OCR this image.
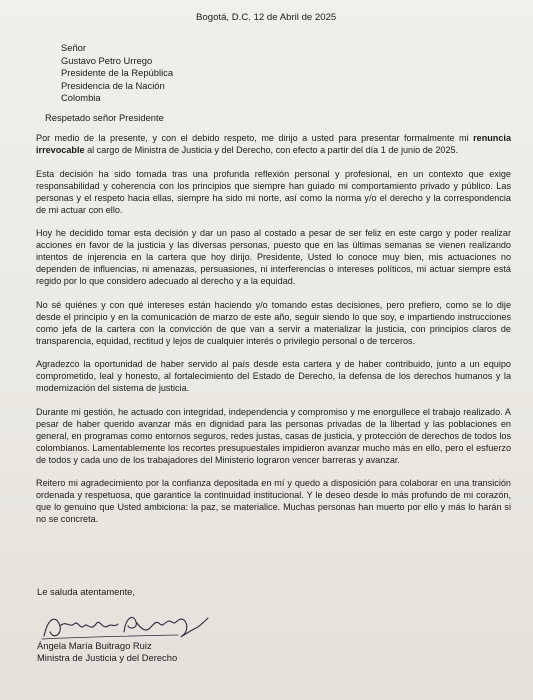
Bogotá, D.C. 12 de Abril de 2025
Señor
Gustavo Petro Urrego
Presidente de la República
Presidencia de la Nación
Colombia
Respetado señor Presidente

Por medio de la presente, y con el debido respeto, me dirijo a usted para presentar formalmente mi renuncia irrevocable al cargo de Ministra de Justicia y del Derecho, con efecto a partir del día 1 de junio de 2025.

Esta decisión ha sido tomada tras una profunda reflexión personal y profesional, en un contexto que exige responsabilidad y coherencia con los principios que siempre han guiado mi comportamiento privado y público. Las personas y el respeto hacia ellas, siempre ha sido mi norte, así como la norma y/o el derecho y la correspondencia de mi actuar con ello.

Hoy he decidido tomar esta decisión y dar un paso al costado a pesar de ser feliz en este cargo y poder realizar acciones en favor de la justicia y las diversas personas, puesto que en las últimas semanas se vienen realizando intentos de injerencia en la cartera que hoy dirijo. Presidente, Usted lo conoce muy bien, mis actuaciones no dependen de influencias, ni amenazas, persuasiones, ni interferencias o intereses políticos, mi actuar siempre está regido por lo que considero adecuado al derecho y a la equidad.

No sé quiénes y con qué intereses están haciendo y/o tomando estas decisiones, pero prefiero, como se lo dije desde el principio y en la comunicación de marzo de este año, seguir siendo lo que soy, e impartiendo instrucciones como jefa de la cartera con la convicción de que van a servir a materializar la justicia, con principios claros de transparencia, equidad, rectitud y lejos de cualquier interés o privilegio personal o de terceros.

Agradezco la oportunidad de haber servido al país desde esta cartera y de haber contribuido, junto a un equipo comprometido, leal y honesto, al fortalecimiento del Estado de Derecho, la defensa de los derechos humanos y la modernización del sistema de justicia.

Durante mi gestión, he actuado con integridad, independencia y compromiso y me enorgullece el trabajo realizado. A pesar de haber querido avanzar más en dignidad para las personas privadas de la libertad y las poblaciones en general, en programas como entornos seguros, redes justas, casas de justicia, y protección de derechos de todos los colombianos. Lamentablemente los recortes presupuestales impidieron avanzar mucho más en ello, pero el esfuerzo de todos y cada uno de los trabajadores del Ministerio lograron vencer barreras y avanzar.

Reitero mi agradecimiento por la confianza depositada en mí y quedo a disposición para colaborar en una transición ordenada y respetuosa, que garantice la continuidad institucional. Y le deseo desde lo más profundo de mi corazón, que lo genuino que Usted ambiciona: la paz, se materialice. Muchas personas han muerto por ello y más lo harán si no se concreta.

Le saluda atentamente,
Ángela María Buitrago Ruiz
Ministra de Justicia y del Derecho
